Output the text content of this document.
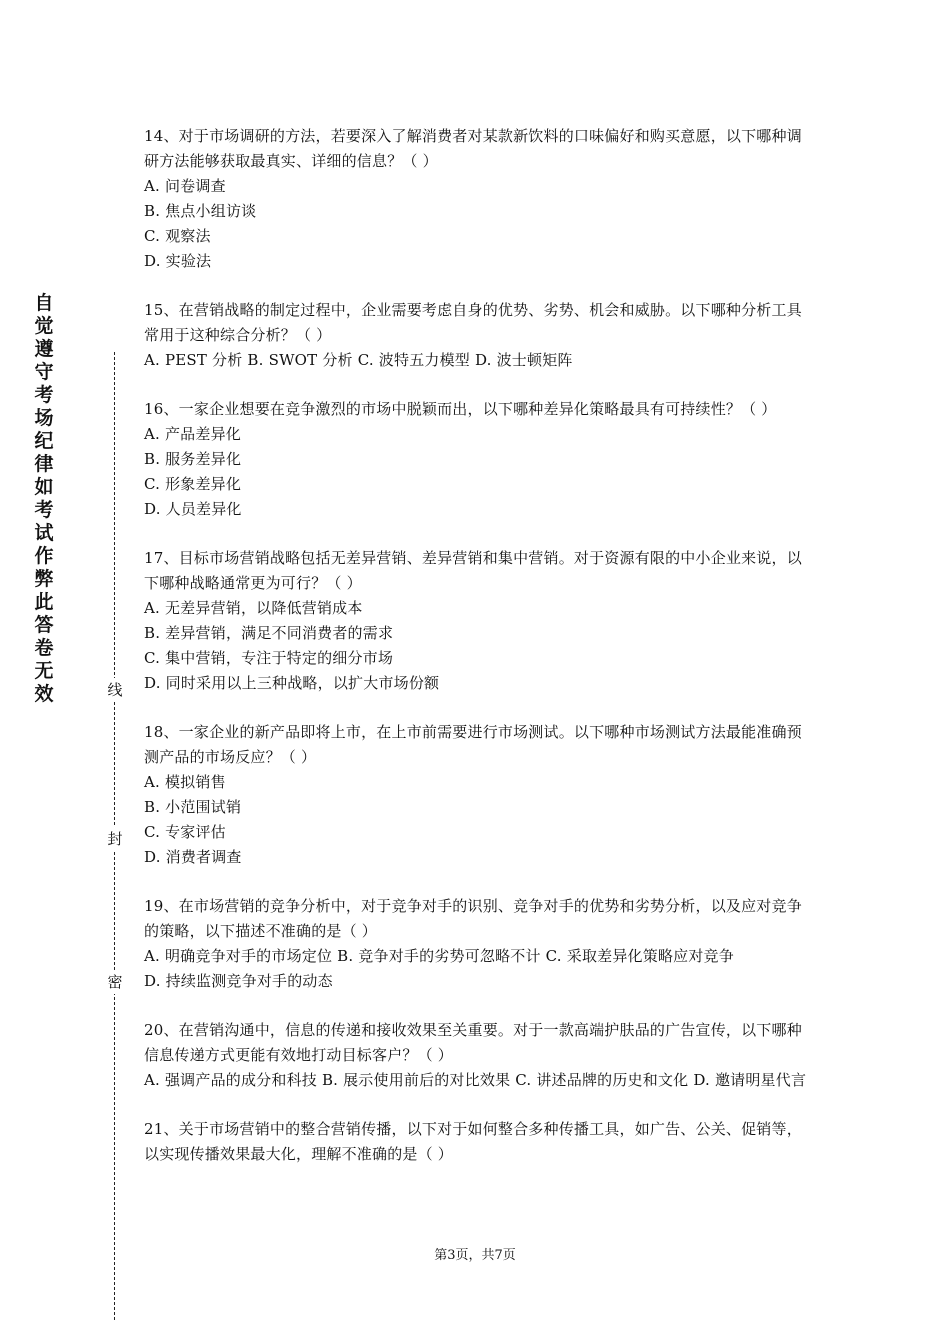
自觉遵守考场纪律如考试作弊此答卷无效	线
封
密

14、对于市场调研的方法，若要深入了解消费者对某款新饮料的口味偏好和购买意愿，以下哪种调研方法能够获取最真实、详细的信息？（ ）

A. 问卷调查

B. 焦点小组访谈

C. 观察法

D. 实验法

15、在营销战略的制定过程中，企业需要考虑自身的优势、劣势、机会和威胁。以下哪种分析工具常用于这种综合分析？（ ）

A. PEST 分析 B. SWOT 分析 C. 波特五力模型 D. 波士顿矩阵

16、一家企业想要在竞争激烈的市场中脱颖而出，以下哪种差异化策略最具有可持续性？（ ）

A. 产品差异化

B. 服务差异化

C. 形象差异化

D. 人员差异化

17、目标市场营销战略包括无差异营销、差异营销和集中营销。对于资源有限的中小企业来说，以下哪种战略通常更为可行？（ ）

A. 无差异营销，以降低营销成本

B. 差异营销，满足不同消费者的需求

C. 集中营销，专注于特定的细分市场

D. 同时采用以上三种战略，以扩大市场份额

18、一家企业的新产品即将上市，在上市前需要进行市场测试。以下哪种市场测试方法最能准确预测产品的市场反应？（ ）

A. 模拟销售

B. 小范围试销

C. 专家评估

D. 消费者调查

19、在市场营销的竞争分析中，对于竞争对手的识别、竞争对手的优势和劣势分析，以及应对竞争的策略，以下描述不准确的是（ ）

A. 明确竞争对手的市场定位 B. 竞争对手的劣势可忽略不计 C. 采取差异化策略应对竞争

D. 持续监测竞争对手的动态

20、在营销沟通中，信息的传递和接收效果至关重要。对于一款高端护肤品的广告宣传，以下哪种信息传递方式更能有效地打动目标客户？（ ）

A. 强调产品的成分和科技 B. 展示使用前后的对比效果 C. 讲述品牌的历史和文化 D. 邀请明星代言

21、关于市场营销中的整合营销传播，以下对于如何整合多种传播工具，如广告、公关、促销等，以实现传播效果最大化，理解不准确的是（ ）

第3页，共7页
